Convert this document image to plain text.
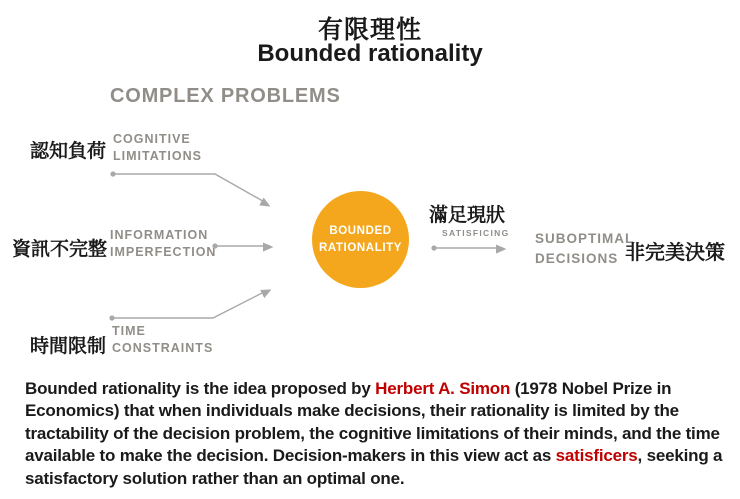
有限理性
Bounded rationality
COMPLEX PROBLEMS
認知負荷
COGNITIVE
LIMITATIONS
資訊不完整
INFORMATION
IMPERFECTION
時間限制
TIME
CONSTRAINTS
BOUNDED
RATIONALITY
滿足現狀
SATISFICING SUBOPTIMAL
DECISIONS 非完美決策
Bounded rationality is the idea proposed by Herbert A. Simon (1978 Nobel Prize in Economics) that when individuals make decisions, their rationality is limited by the tractability of the decision problem, the cognitive limitations of their minds, and the time available to make the decision. Decision-makers in this view act as satisficers, seeking a satisfactory solution rather than an optimal one.
